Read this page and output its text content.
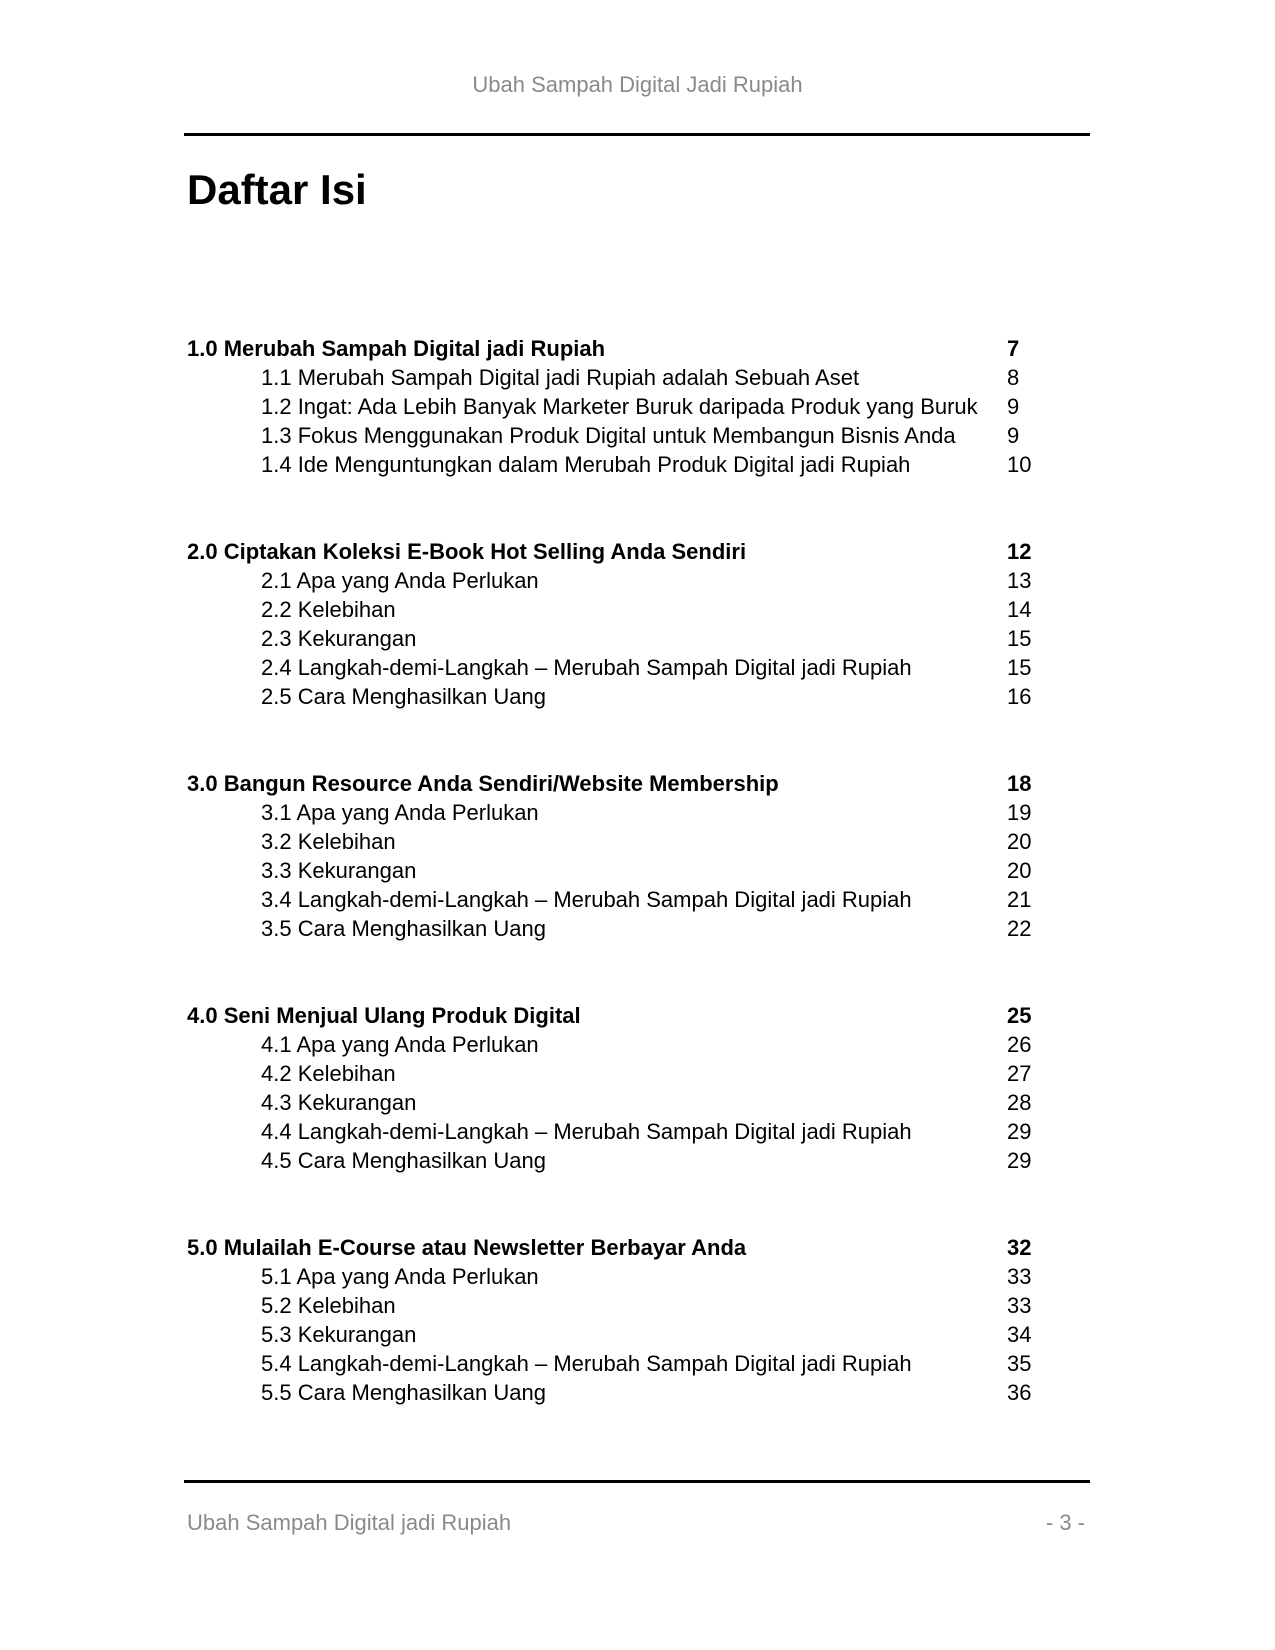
Ubah Sampah Digital Jadi Rupiah
Daftar Isi
1.0 Merubah Sampah Digital jadi Rupiah	7
1.1 Merubah Sampah Digital jadi Rupiah adalah Sebuah Aset	8
1.2 Ingat: Ada Lebih Banyak Marketer Buruk daripada Produk yang Buruk 9
1.3 Fokus Menggunakan Produk Digital untuk Membangun Bisnis Anda 9
1.4 Ide Menguntungkan dalam Merubah Produk Digital jadi Rupiah	10
2.0 Ciptakan Koleksi E-Book Hot Selling Anda Sendiri	12
2.1 Apa yang Anda Perlukan	13
2.2 Kelebihan	14
2.3 Kekurangan	15
2.4 Langkah-demi-Langkah – Merubah Sampah Digital jadi Rupiah	15
2.5 Cara Menghasilkan Uang	16
3.0 Bangun Resource Anda Sendiri/Website Membership	18
3.1 Apa yang Anda Perlukan	19
3.2 Kelebihan	20
3.3 Kekurangan	20
3.4 Langkah-demi-Langkah – Merubah Sampah Digital jadi Rupiah	21
3.5 Cara Menghasilkan Uang	22
4.0 Seni Menjual Ulang Produk Digital	25
4.1 Apa yang Anda Perlukan	26
4.2 Kelebihan	27
4.3 Kekurangan	28
4.4 Langkah-demi-Langkah – Merubah Sampah Digital jadi Rupiah	29
4.5 Cara Menghasilkan Uang	29
5.0 Mulailah E-Course atau Newsletter Berbayar Anda	32
5.1 Apa yang Anda Perlukan	33
5.2 Kelebihan	33
5.3 Kekurangan	34
5.4 Langkah-demi-Langkah – Merubah Sampah Digital jadi Rupiah	35
5.5 Cara Menghasilkan Uang	36
Ubah Sampah Digital jadi Rupiah	- 3 -
